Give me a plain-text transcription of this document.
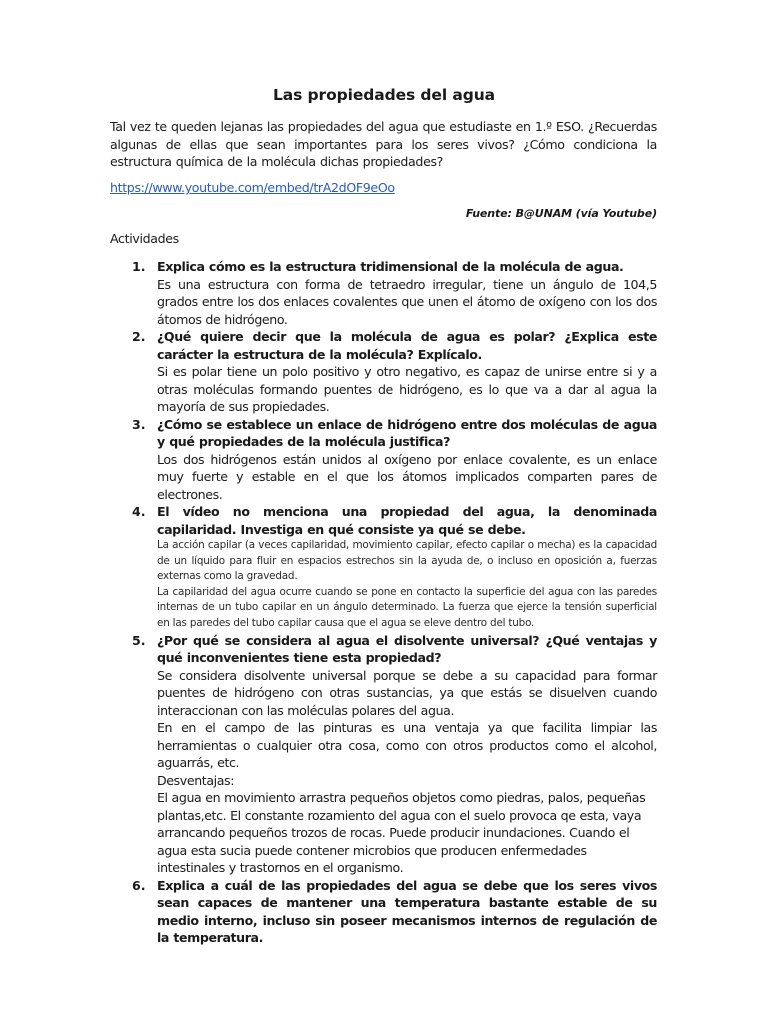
Las propiedades del agua
Tal vez te queden lejanas las propiedades del agua que estudiaste en 1.º ESO. ¿Recuerdas algunas de ellas que sean importantes para los seres vivos? ¿Cómo condiciona la estructura química de la molécula dichas propiedades?
https://www.youtube.com/embed/trA2dOF9eOo
Fuente: B@UNAM (vía Youtube)
Actividades
1. Explica cómo es la estructura tridimensional de la molécula de agua.
Es una estructura con forma de tetraedro irregular, tiene un ángulo de 104,5 grados entre los dos enlaces covalentes que unen el átomo de oxígeno con los dos átomos de hidrógeno.
2. ¿Qué quiere decir que la molécula de agua es polar? ¿Explica este carácter la estructura de la molécula? Explícalo.
Si es polar tiene un polo positivo y otro negativo, es capaz de unirse entre si y a otras moléculas formando puentes de hidrógeno, es lo que va a dar al agua la mayoría de sus propiedades.
3. ¿Cómo se establece un enlace de hidrógeno entre dos moléculas de agua y qué propiedades de la molécula justifica?
Los dos hidrógenos están unidos al oxígeno por enlace covalente, es un enlace muy fuerte y estable en el que los átomos implicados comparten pares de electrones.
4. El vídeo no menciona una propiedad del agua, la denominada capilaridad. Investiga en qué consiste ya qué se debe.
La acción capilar (a veces capilaridad, movimiento capilar, efecto capilar o mecha) es la capacidad de un líquido para fluir en espacios estrechos sin la ayuda de, o incluso en oposición a, fuerzas externas como la gravedad.
La capilaridad del agua ocurre cuando se pone en contacto la superficie del agua con las paredes internas de un tubo capilar en un ángulo determinado. La fuerza que ejerce la tensión superficial en las paredes del tubo capilar causa que el agua se eleve dentro del tubo.
5. ¿Por qué se considera al agua el disolvente universal? ¿Qué ventajas y qué inconvenientes tiene esta propiedad?
Se considera disolvente universal porque se debe a su capacidad para formar puentes de hidrógeno con otras sustancias, ya que estás se disuelven cuando interaccionan con las moléculas polares del agua.
En en el campo de las pinturas es una ventaja ya que facilita limpiar las herramientas o cualquier otra cosa, como con otros productos como el alcohol, aguarrás, etc.
Desventajas:
El agua en movimiento arrastra pequeños objetos como piedras, palos, pequeñas plantas,etc. El constante rozamiento del agua con el suelo provoca qe esta, vaya arrancando pequeños trozos de rocas. Puede producir inundaciones. Cuando el agua esta sucia puede contener microbios que producen enfermedades intestinales y trastornos en el organismo.
6. Explica a cuál de las propiedades del agua se debe que los seres vivos sean capaces de mantener una temperatura bastante estable de su medio interno, incluso sin poseer mecanismos internos de regulación de la temperatura.
